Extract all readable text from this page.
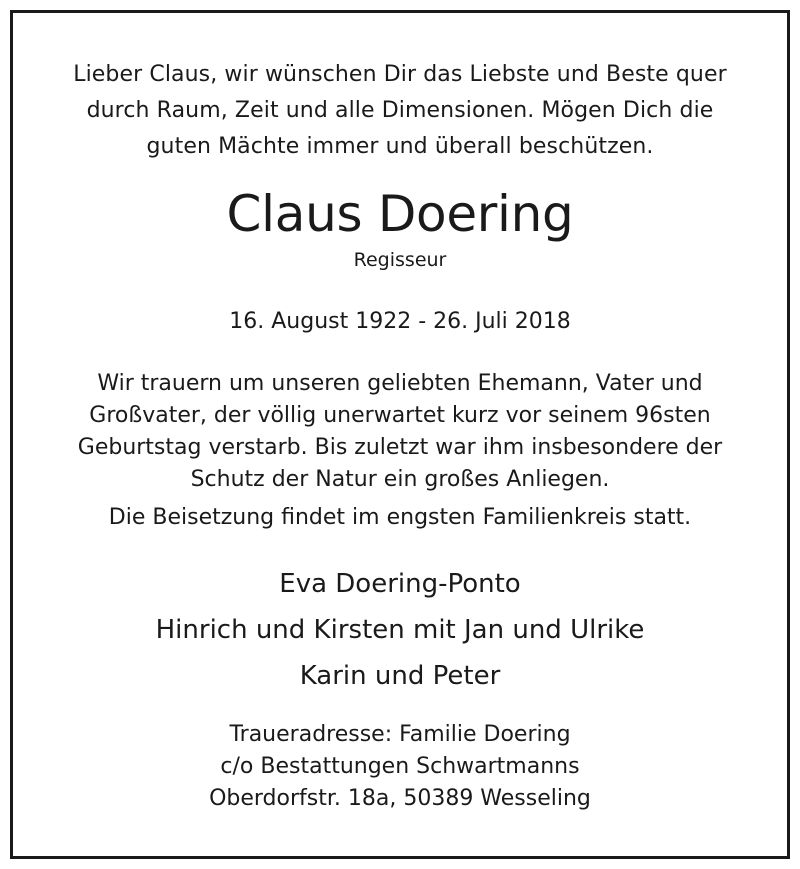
Lieber Claus, wir wünschen Dir das Liebste und Beste quer
durch Raum, Zeit und alle Dimensionen. Mögen Dich die
guten Mächte immer und überall beschützen.
Claus Doering
Regisseur
16. August 1922 - 26. Juli 2018
Wir trauern um unseren geliebten Ehemann, Vater und
Großvater, der völlig unerwartet kurz vor seinem 96sten
Geburtstag verstarb. Bis zuletzt war ihm insbesondere der
Schutz der Natur ein großes Anliegen.
Die Beisetzung findet im engsten Familienkreis statt.
Eva Doering-Ponto
Hinrich und Kirsten mit Jan und Ulrike
Karin und Peter
Traueradresse: Familie Doering
c/o Bestattungen Schwartmanns
Oberdorfstr. 18a, 50389 Wesseling
